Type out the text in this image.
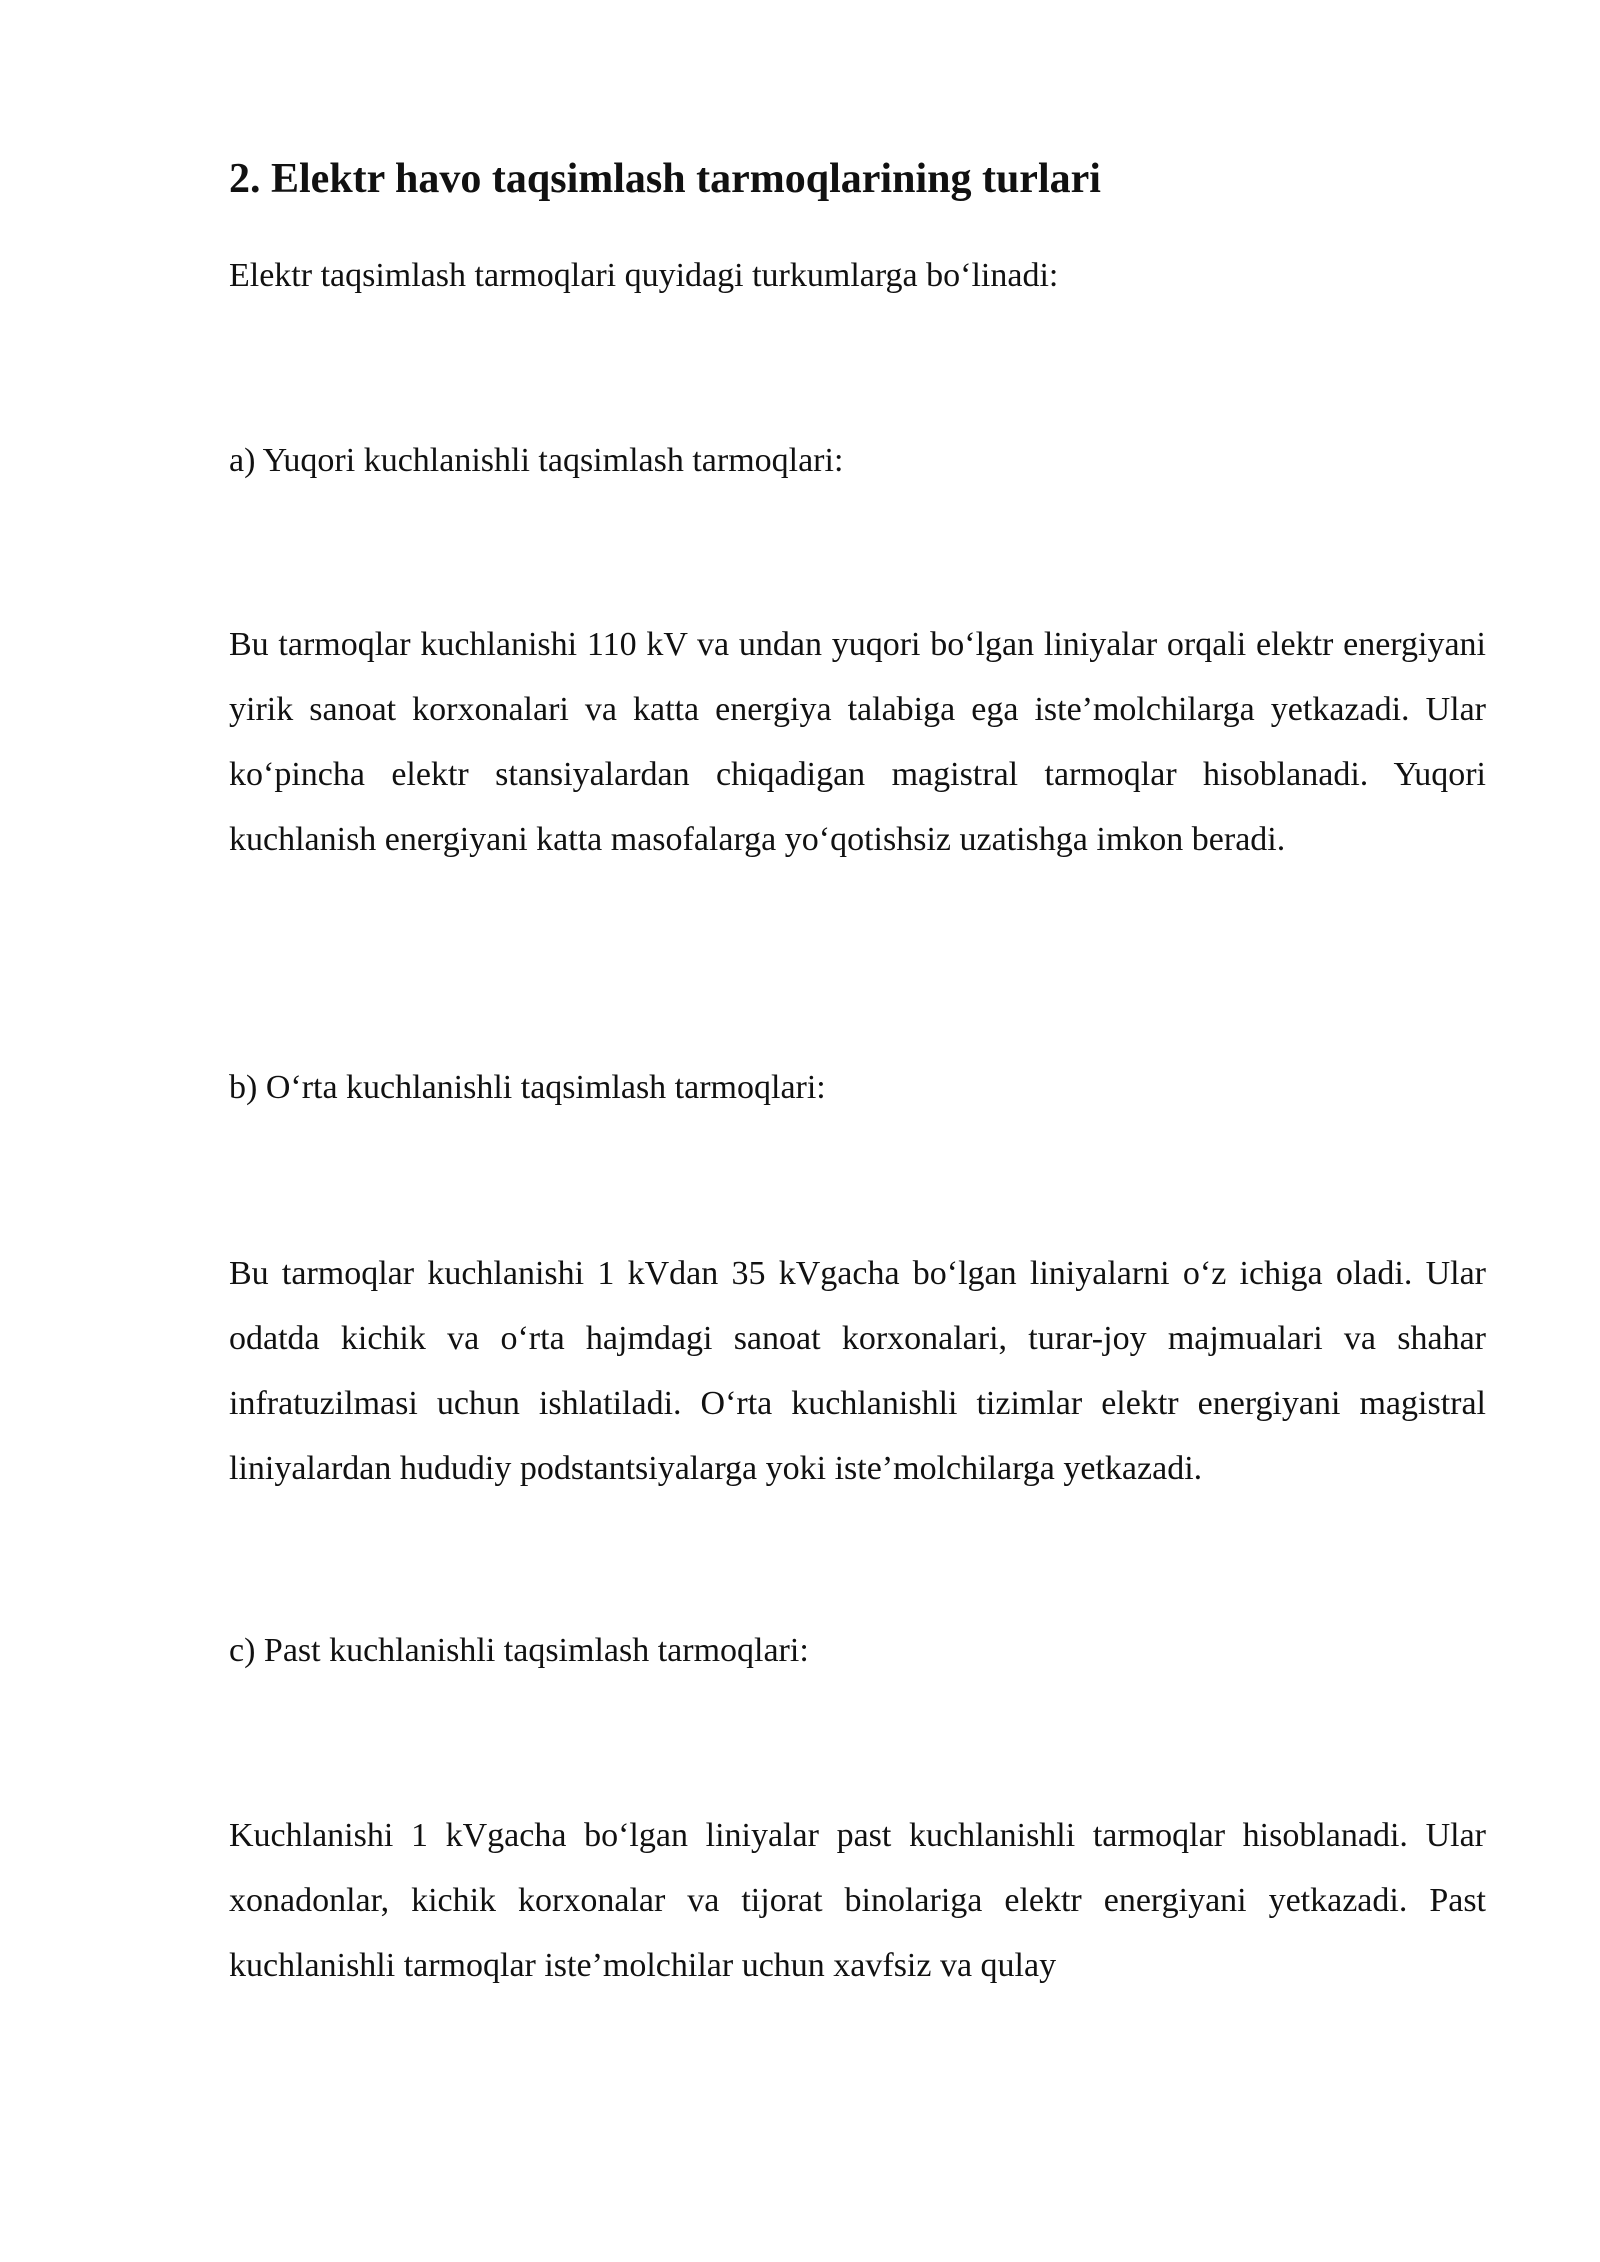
2. Elektr havo taqsimlash tarmoqlarining turlari

Elektr taqsimlash tarmoqlari quyidagi turkumlarga bo‘linadi:

a) Yuqori kuchlanishli taqsimlash tarmoqlari:

Bu tarmoqlar kuchlanishi 110 kV va undan yuqori bo‘lgan liniyalar orqali elektr energiyani yirik sanoat korxonalari va katta energiya talabiga ega iste’molchilarga yetkazadi. Ular ko‘pincha elektr stansiyalardan chiqadigan magistral tarmoqlar hisoblanadi. Yuqori kuchlanish energiyani katta masofalarga yo‘qotishsiz uzatishga imkon beradi.

b) O‘rta kuchlanishli taqsimlash tarmoqlari:

Bu tarmoqlar kuchlanishi 1 kVdan 35 kVgacha bo‘lgan liniyalarni o‘z ichiga oladi. Ular odatda kichik va o‘rta hajmdagi sanoat korxonalari, turar-joy majmualari va shahar infratuzilmasi uchun ishlatiladi. O‘rta kuchlanishli tizimlar elektr energiyani magistral liniyalardan hududiy podstantsiyalarga yoki iste’molchilarga yetkazadi.

c) Past kuchlanishli taqsimlash tarmoqlari:

Kuchlanishi 1 kVgacha bo‘lgan liniyalar past kuchlanishli tarmoqlar hisoblanadi. Ular xonadonlar, kichik korxonalar va tijorat binolariga elektr energiyani yetkazadi. Past kuchlanishli tarmoqlar iste’molchilar uchun xavfsiz va qulay
